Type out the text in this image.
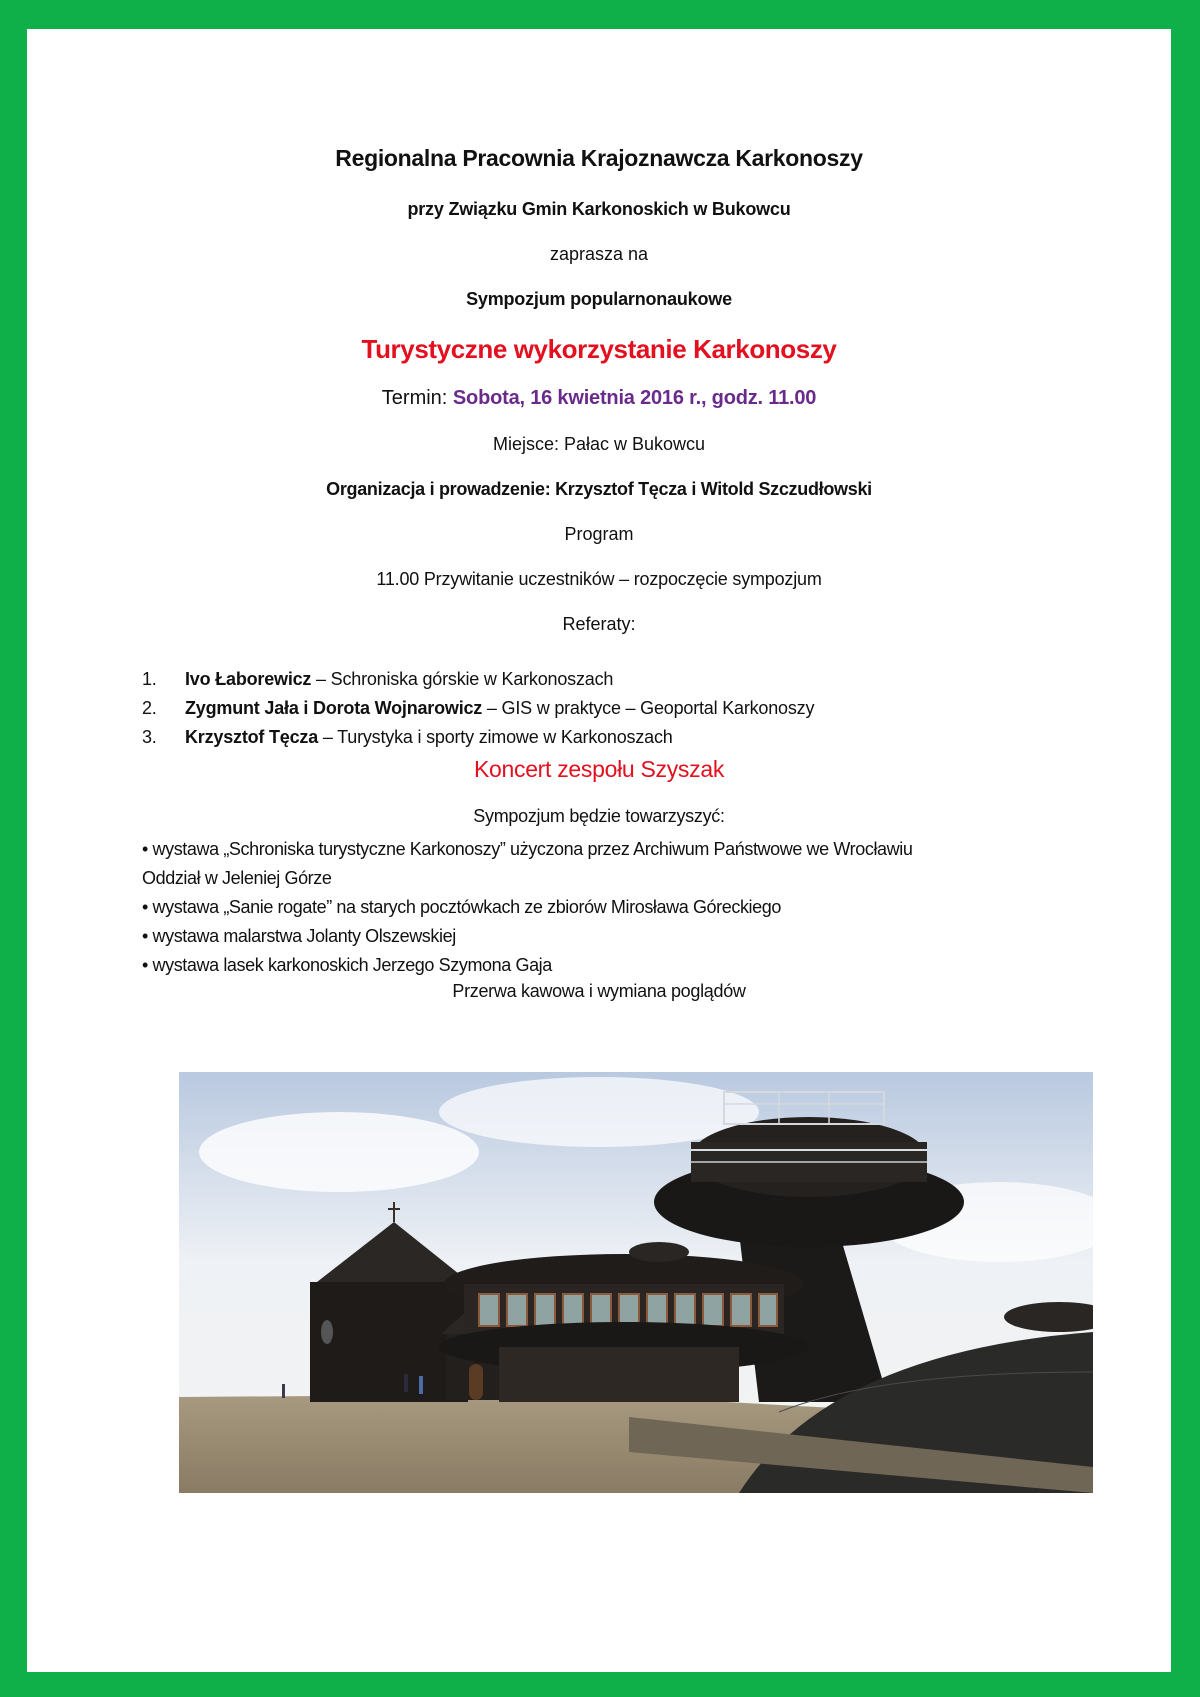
Regionalna Pracownia Krajoznawcza Karkonoszy
przy Związku Gmin Karkonoskich w Bukowcu
zaprasza na
Sympozjum popularnonaukowe
Turystyczne wykorzystanie Karkonoszy
Termin: Sobota, 16 kwietnia 2016 r., godz. 11.00
Miejsce: Pałac w Bukowcu
Organizacja i prowadzenie: Krzysztof Tęcza i Witold Szczudłowski
Program
11.00 Przywitanie uczestników – rozpoczęcie sympozjum
Referaty:
1. Ivo Łaborewicz – Schroniska górskie w Karkonoszach
2. Zygmunt Jała i Dorota Wojnarowicz – GIS w praktyce – Geoportal Karkonoszy
3. Krzysztof Tęcza – Turystyka i sporty zimowe w Karkonoszach
Koncert zespołu Szyszak
Sympozjum będzie towarzyszyć:
• wystawa „Schroniska turystyczne Karkonoszy” użyczona przez Archiwum Państwowe we Wrocławiu
Oddział w Jeleniej Górze
• wystawa „Sanie rogate” na starych pocztówkach ze zbiorów Mirosława Góreckiego
• wystawa malarstwa Jolanty Olszewskiej
• wystawa lasek karkonoskich Jerzego Szymona Gaja
Przerwa kawowa i wymiana poglądów
